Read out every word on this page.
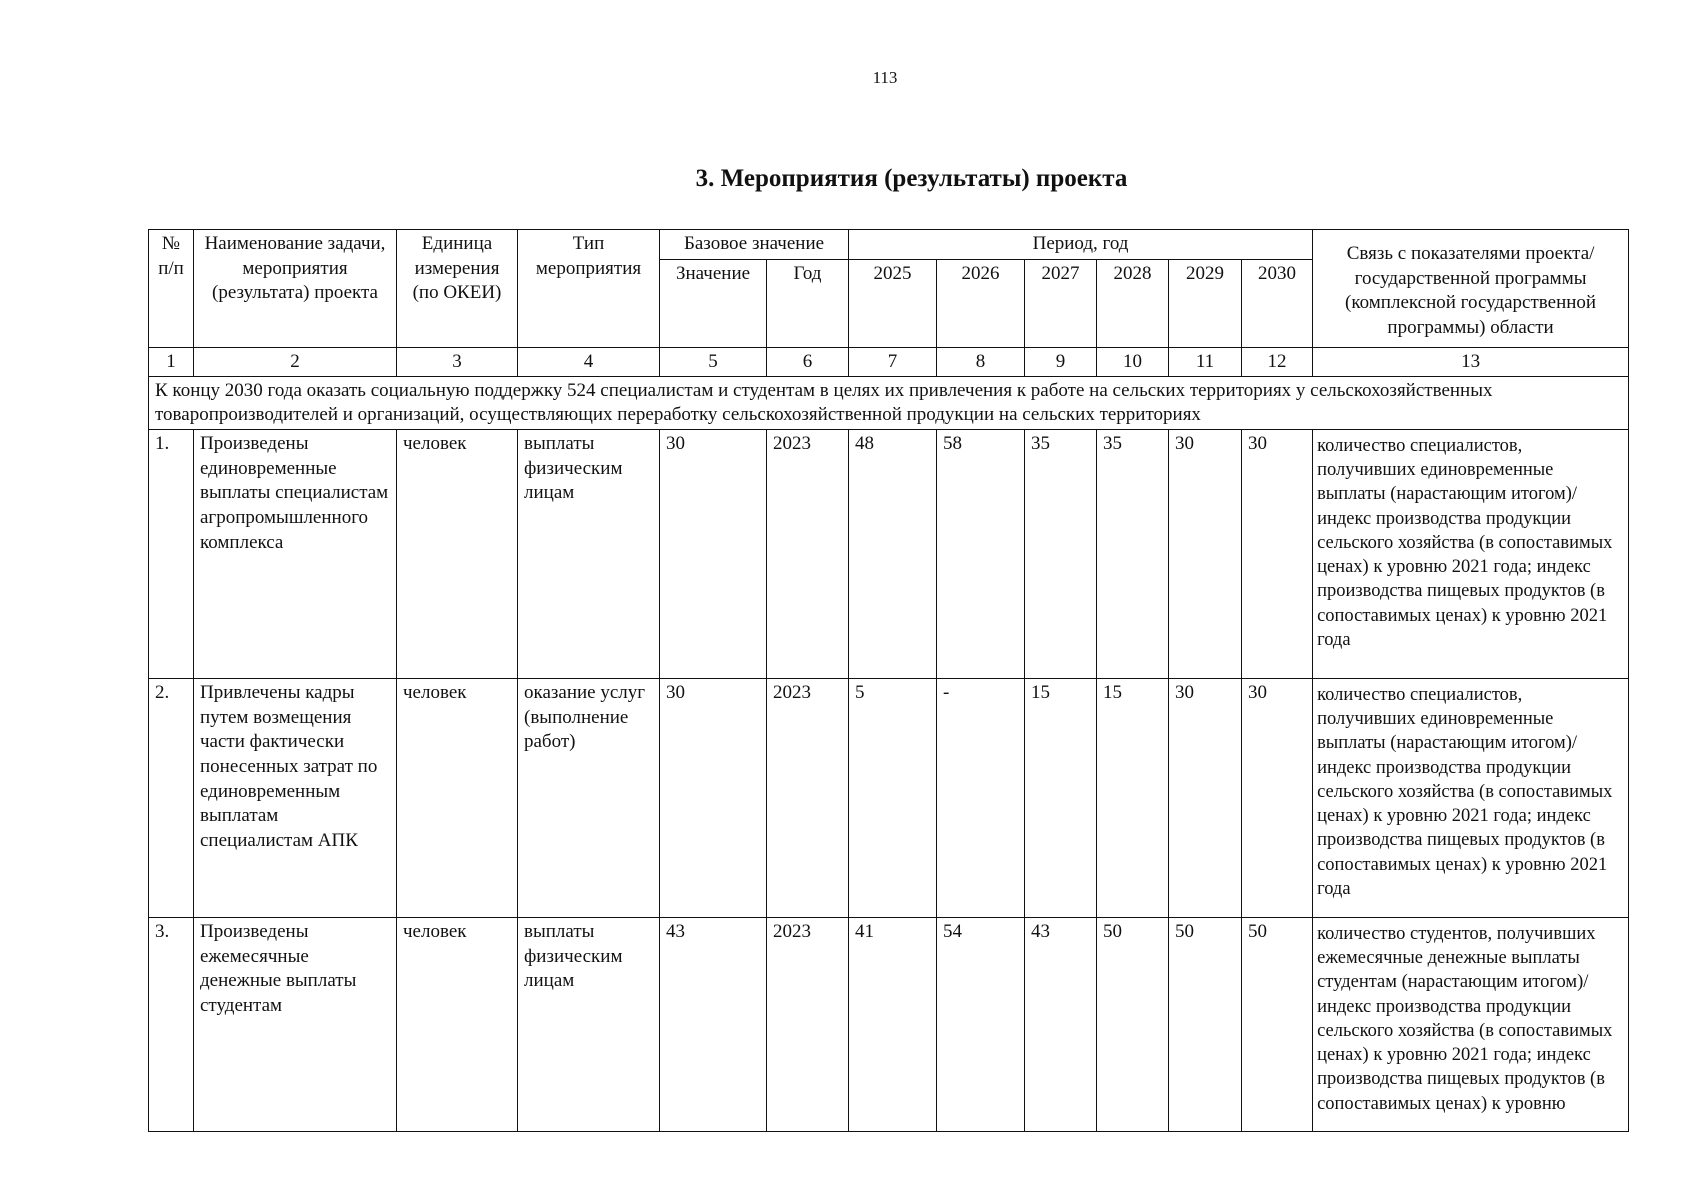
113
3. Мероприятия (результаты) проекта
№ п/п	Наименование задачи, мероприятия (результата) проекта	Единица измерения (по ОКЕИ)	Тип мероприятия	Базовое значение		Период, год						Связь с показателями проекта/государственной программы (комплексной государственной программы) области
				Значение	Год	2025	2026	2027	2028	2029	2030	
1	2	3	4	5	6	7	8	9	10	11	12	13
К концу 2030 года оказать социальную поддержку 524 специалистам и студентам в целях их привлечения к работе на сельских территориях у сельскохозяйственных товаропроизводителей и организаций, осуществляющих переработку сельскохозяйственной продукции на сельских территориях												
1.	Произведены единовременные выплаты специалистам агропромышленного комплекса	человек	выплаты физическим лицам	30	2023	48	58	35	35	30	30	количество специалистов, получивших единовременные выплаты (нарастающим итогом)/индекс производства продукции сельского хозяйства (в сопоставимых ценах) к уровню 2021 года; индекс производства пищевых продуктов (в сопоставимых ценах) к уровню 2021 года
2.	Привлечены кадры путем возмещения части фактически понесенных затрат по единовременным выплатам специалистам АПК	человек	оказание услуг (выполнение работ)	30	2023	5	-	15	15	30	30	количество специалистов, получивших единовременные выплаты (нарастающим итогом)/индекс производства продукции сельского хозяйства (в сопоставимых ценах) к уровню 2021 года; индекс производства пищевых продуктов (в сопоставимых ценах) к уровню 2021 года
3.	Произведены ежемесячные денежные выплаты студентам	человек	выплаты физическим лицам	43	2023	41	54	43	50	50	50	количество студентов, получивших ежемесячные денежные выплаты студентам (нарастающим итогом)/индекс производства продукции сельского хозяйства (в сопоставимых ценах) к уровню 2021 года; индекс производства пищевых продуктов (в сопоставимых ценах) к уровню
